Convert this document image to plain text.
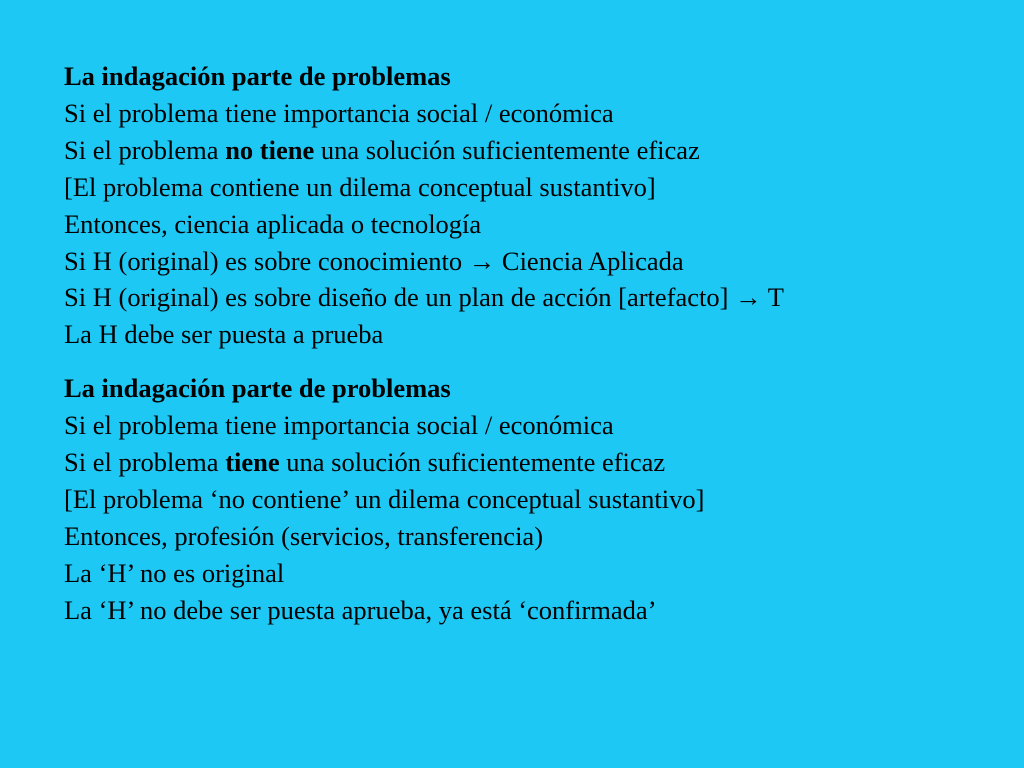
La indagación parte de problemas
Si el problema tiene importancia social / económica
Si el problema no tiene una solución suficientemente eficaz
[El problema contiene un dilema conceptual sustantivo]
Entonces, ciencia aplicada o tecnología
Si H (original) es sobre conocimiento → Ciencia Aplicada
Si H (original) es sobre diseño de un plan de acción [artefacto] → T
La H debe ser puesta a prueba
La indagación parte de problemas
Si el problema tiene importancia social / económica
Si el problema tiene una solución suficientemente eficaz
[El problema ‘no contiene’ un dilema conceptual sustantivo]
Entonces, profesión (servicios, transferencia)
La ‘H’ no es original
La ‘H’ no debe ser puesta aprueba, ya está ‘confirmada’
